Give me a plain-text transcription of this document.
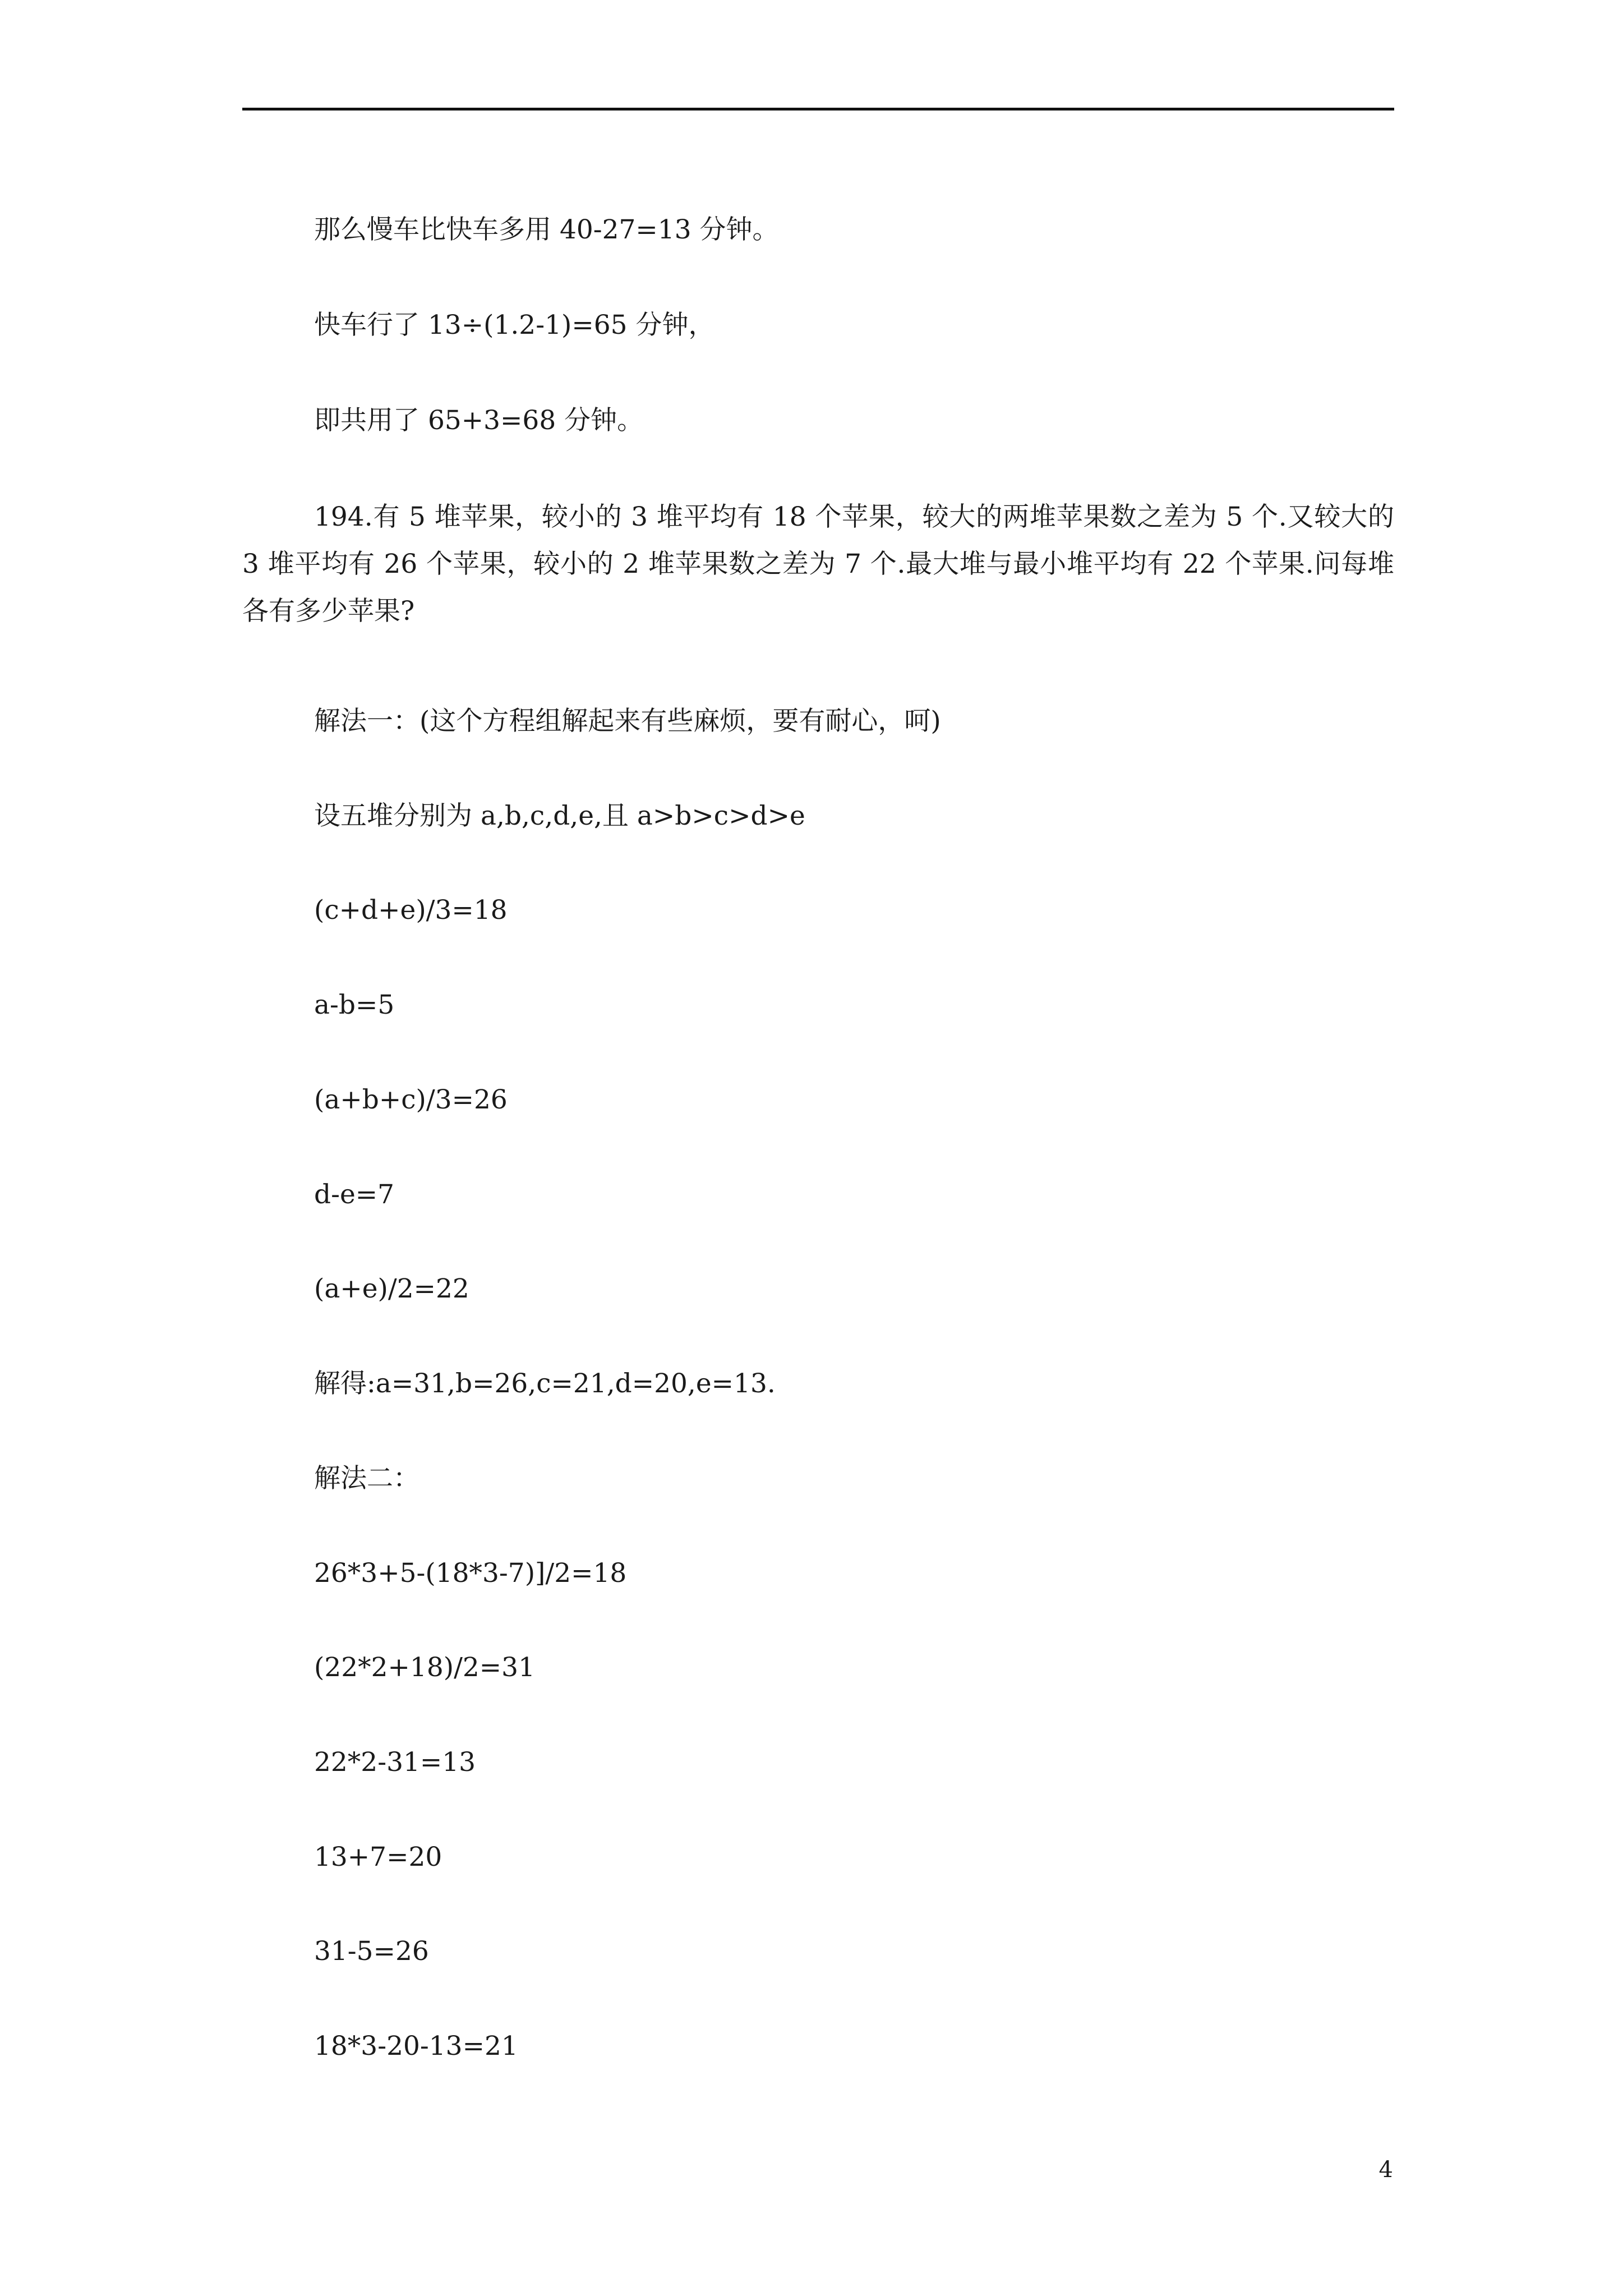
那么慢车比快车多用 40-27=13 分钟。
快车行了 13÷(1.2-1)=65 分钟，
即共用了 65+3=68 分钟。
194.有 5 堆苹果，较小的 3 堆平均有 18 个苹果，较大的两堆苹果数之差为 5 个.又较大的 3 堆平均有 26 个苹果，较小的 2 堆苹果数之差为 7 个.最大堆与最小堆平均有 22 个苹果.问每堆各有多少苹果?
解法一：(这个方程组解起来有些麻烦，要有耐心，呵)
设五堆分别为 a,b,c,d,e,且 a>b>c>d>e
(c+d+e)/3=18
a-b=5
(a+b+c)/3=26
d-e=7
(a+e)/2=22
解得:a=31,b=26,c=21,d=20,e=13.
解法二：
26*3+5-(18*3-7)]/2=18
(22*2+18)/2=31
22*2-31=13
13+7=20
31-5=26
18*3-20-13=21
4
